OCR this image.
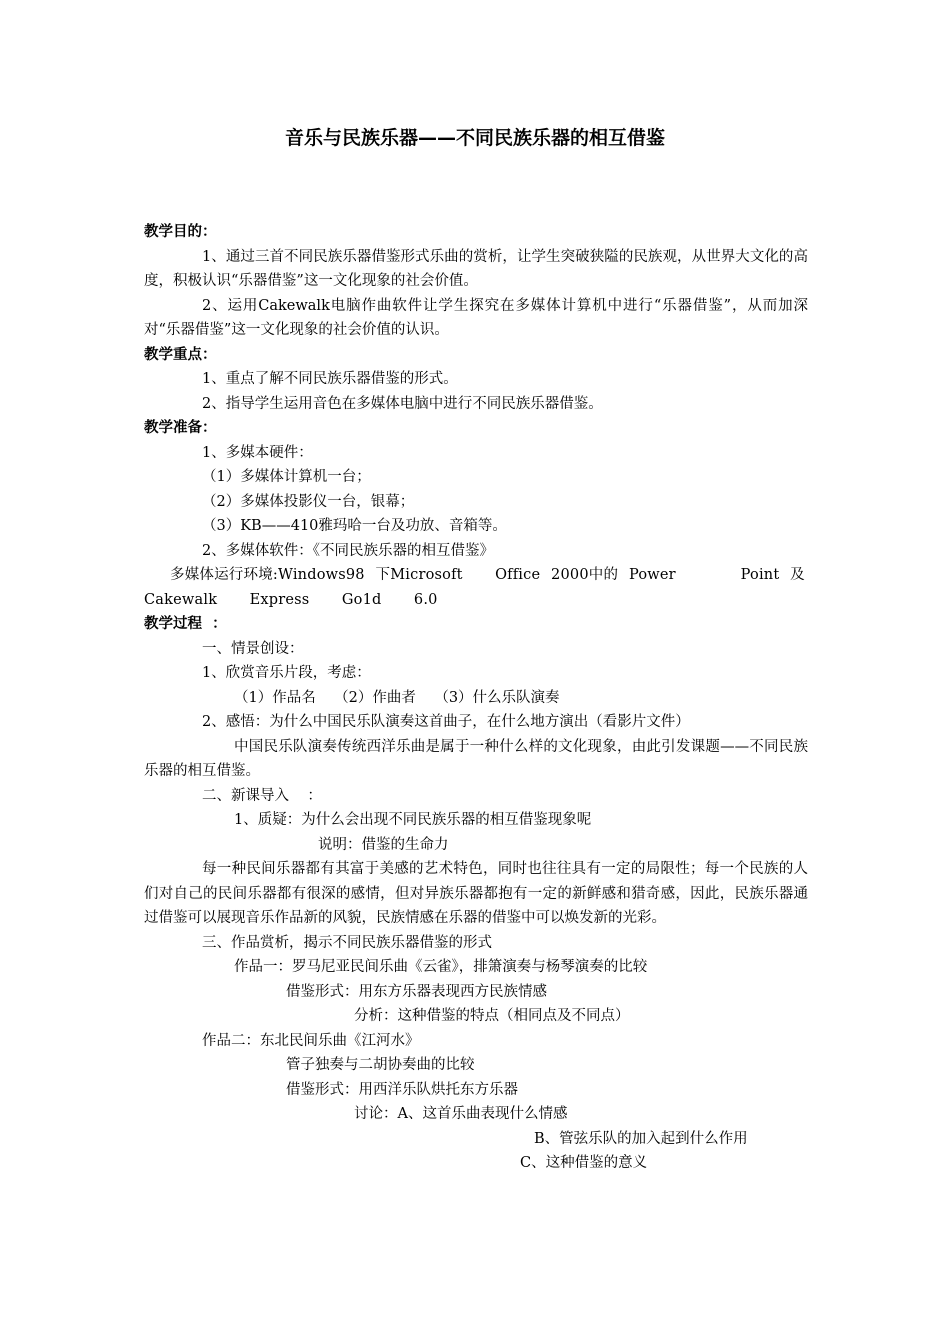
音乐与民族乐器——不同民族乐器的相互借鉴
教学目的：
1、通过三首不同民族乐器借鉴形式乐曲的赏析，让学生突破狭隘的民族观，从世界大文化的高度，积极认识“乐器借鉴”这一文化现象的社会价值。
2、运用Cakewalk电脑作曲软件让学生探究在多媒体计算机中进行“乐器借鉴”，从而加深对“乐器借鉴”这一文化现象的社会价值的认识。
教学重点：
1、重点了解不同民族乐器借鉴的形式。
2、指导学生运用音色在多媒体电脑中进行不同民族乐器借鉴。
教学准备：
1、多媒本硬件：
（1）多媒体计算机一台；
（2）多媒体投影仪一台，银幕；
（3）KB——410雅玛哈一台及功放、音箱等。
2、多媒体软件：《不同民族乐器的相互借鉴》
多媒体运行环境:Windows98 下Microsoft   Office 2000中的 Power      Point 及
Cakewalk   Express   Go1d   6.0
教学过程  ：
一、情景创设：
1、欣赏音乐片段，考虑：
（1）作品名    （2）作曲者    （3）什么乐队演奏
2、感悟：为什么中国民乐队演奏这首曲子，在什么地方演出（看影片文件）
中国民乐队演奏传统西洋乐曲是属于一种什么样的文化现象，由此引发课题——不同民族乐器的相互借鉴。
二、新课导入    ：
1、质疑：为什么会出现不同民族乐器的相互借鉴现象呢
说明：借鉴的生命力
每一种民间乐器都有其富于美感的艺术特色，同时也往往具有一定的局限性；每一个民族的人们对自己的民间乐器都有很深的感情，但对异族乐器都抱有一定的新鲜感和猎奇感，因此，民族乐器通过借鉴可以展现音乐作品新的风貌，民族情感在乐器的借鉴中可以焕发新的光彩。
三、作品赏析，揭示不同民族乐器借鉴的形式
作品一：罗马尼亚民间乐曲《云雀》，排箫演奏与杨琴演奏的比较
借鉴形式：用东方乐器表现西方民族情感
分析：这种借鉴的特点（相同点及不同点）
作品二：东北民间乐曲《江河水》
管子独奏与二胡协奏曲的比较
借鉴形式：用西洋乐队烘托东方乐器
讨论：A、这首乐曲表现什么情感
B、管弦乐队的加入起到什么作用
C、这种借鉴的意义
